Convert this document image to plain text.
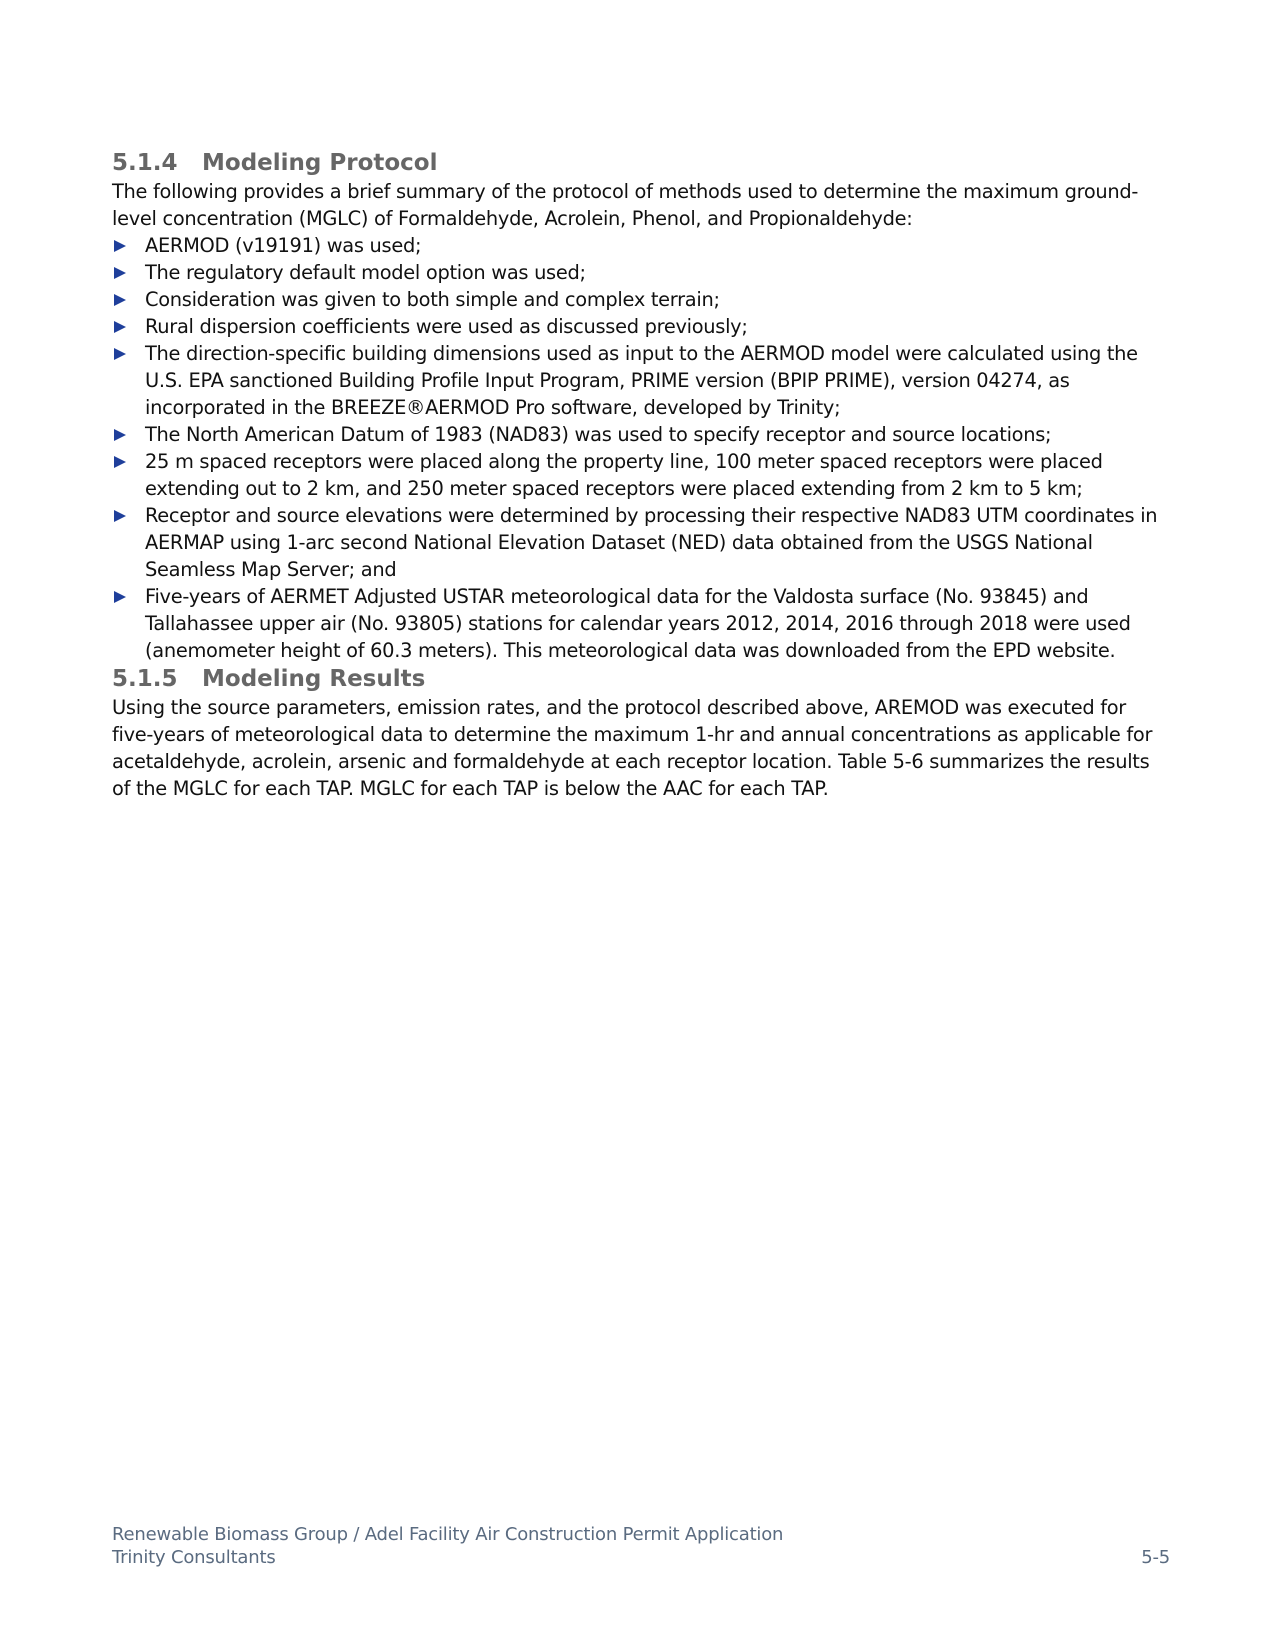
5.1.4	Modeling Protocol

The following provides a brief summary of the protocol of methods used to determine the maximum ground-level concentration (MGLC) of Formaldehyde, Acrolein, Phenol, and Propionaldehyde:

AERMOD (v19191) was used;
The regulatory default model option was used;
Consideration was given to both simple and complex terrain;
Rural dispersion coefficients were used as discussed previously;
The direction-specific building dimensions used as input to the AERMOD model were calculated using the U.S. EPA sanctioned Building Profile Input Program, PRIME version (BPIP PRIME), version 04274, as incorporated in the BREEZE®AERMOD Pro software, developed by Trinity;
The North American Datum of 1983 (NAD83) was used to specify receptor and source locations;
25 m spaced receptors were placed along the property line, 100 meter spaced receptors were placed extending out to 2 km, and 250 meter spaced receptors were placed extending from 2 km to 5 km;
Receptor and source elevations were determined by processing their respective NAD83 UTM coordinates in AERMAP using 1-arc second National Elevation Dataset (NED) data obtained from the USGS National Seamless Map Server; and
Five-years of AERMET Adjusted USTAR meteorological data for the Valdosta surface (No. 93845) and Tallahassee upper air (No. 93805) stations for calendar years 2012, 2014, 2016 through 2018 were used (anemometer height of 60.3 meters). This meteorological data was downloaded from the EPD website.
5.1.5	Modeling Results

Using the source parameters, emission rates, and the protocol described above, AREMOD was executed for five-years of meteorological data to determine the maximum 1-hr and annual concentrations as applicable for acetaldehyde, acrolein, arsenic and formaldehyde at each receptor location. Table 5-6 summarizes the results of the MGLC for each TAP. MGLC for each TAP is below the AAC for each TAP.

Renewable Biomass Group / Adel Facility Air Construction Permit Application
Trinity Consultants	5-5
